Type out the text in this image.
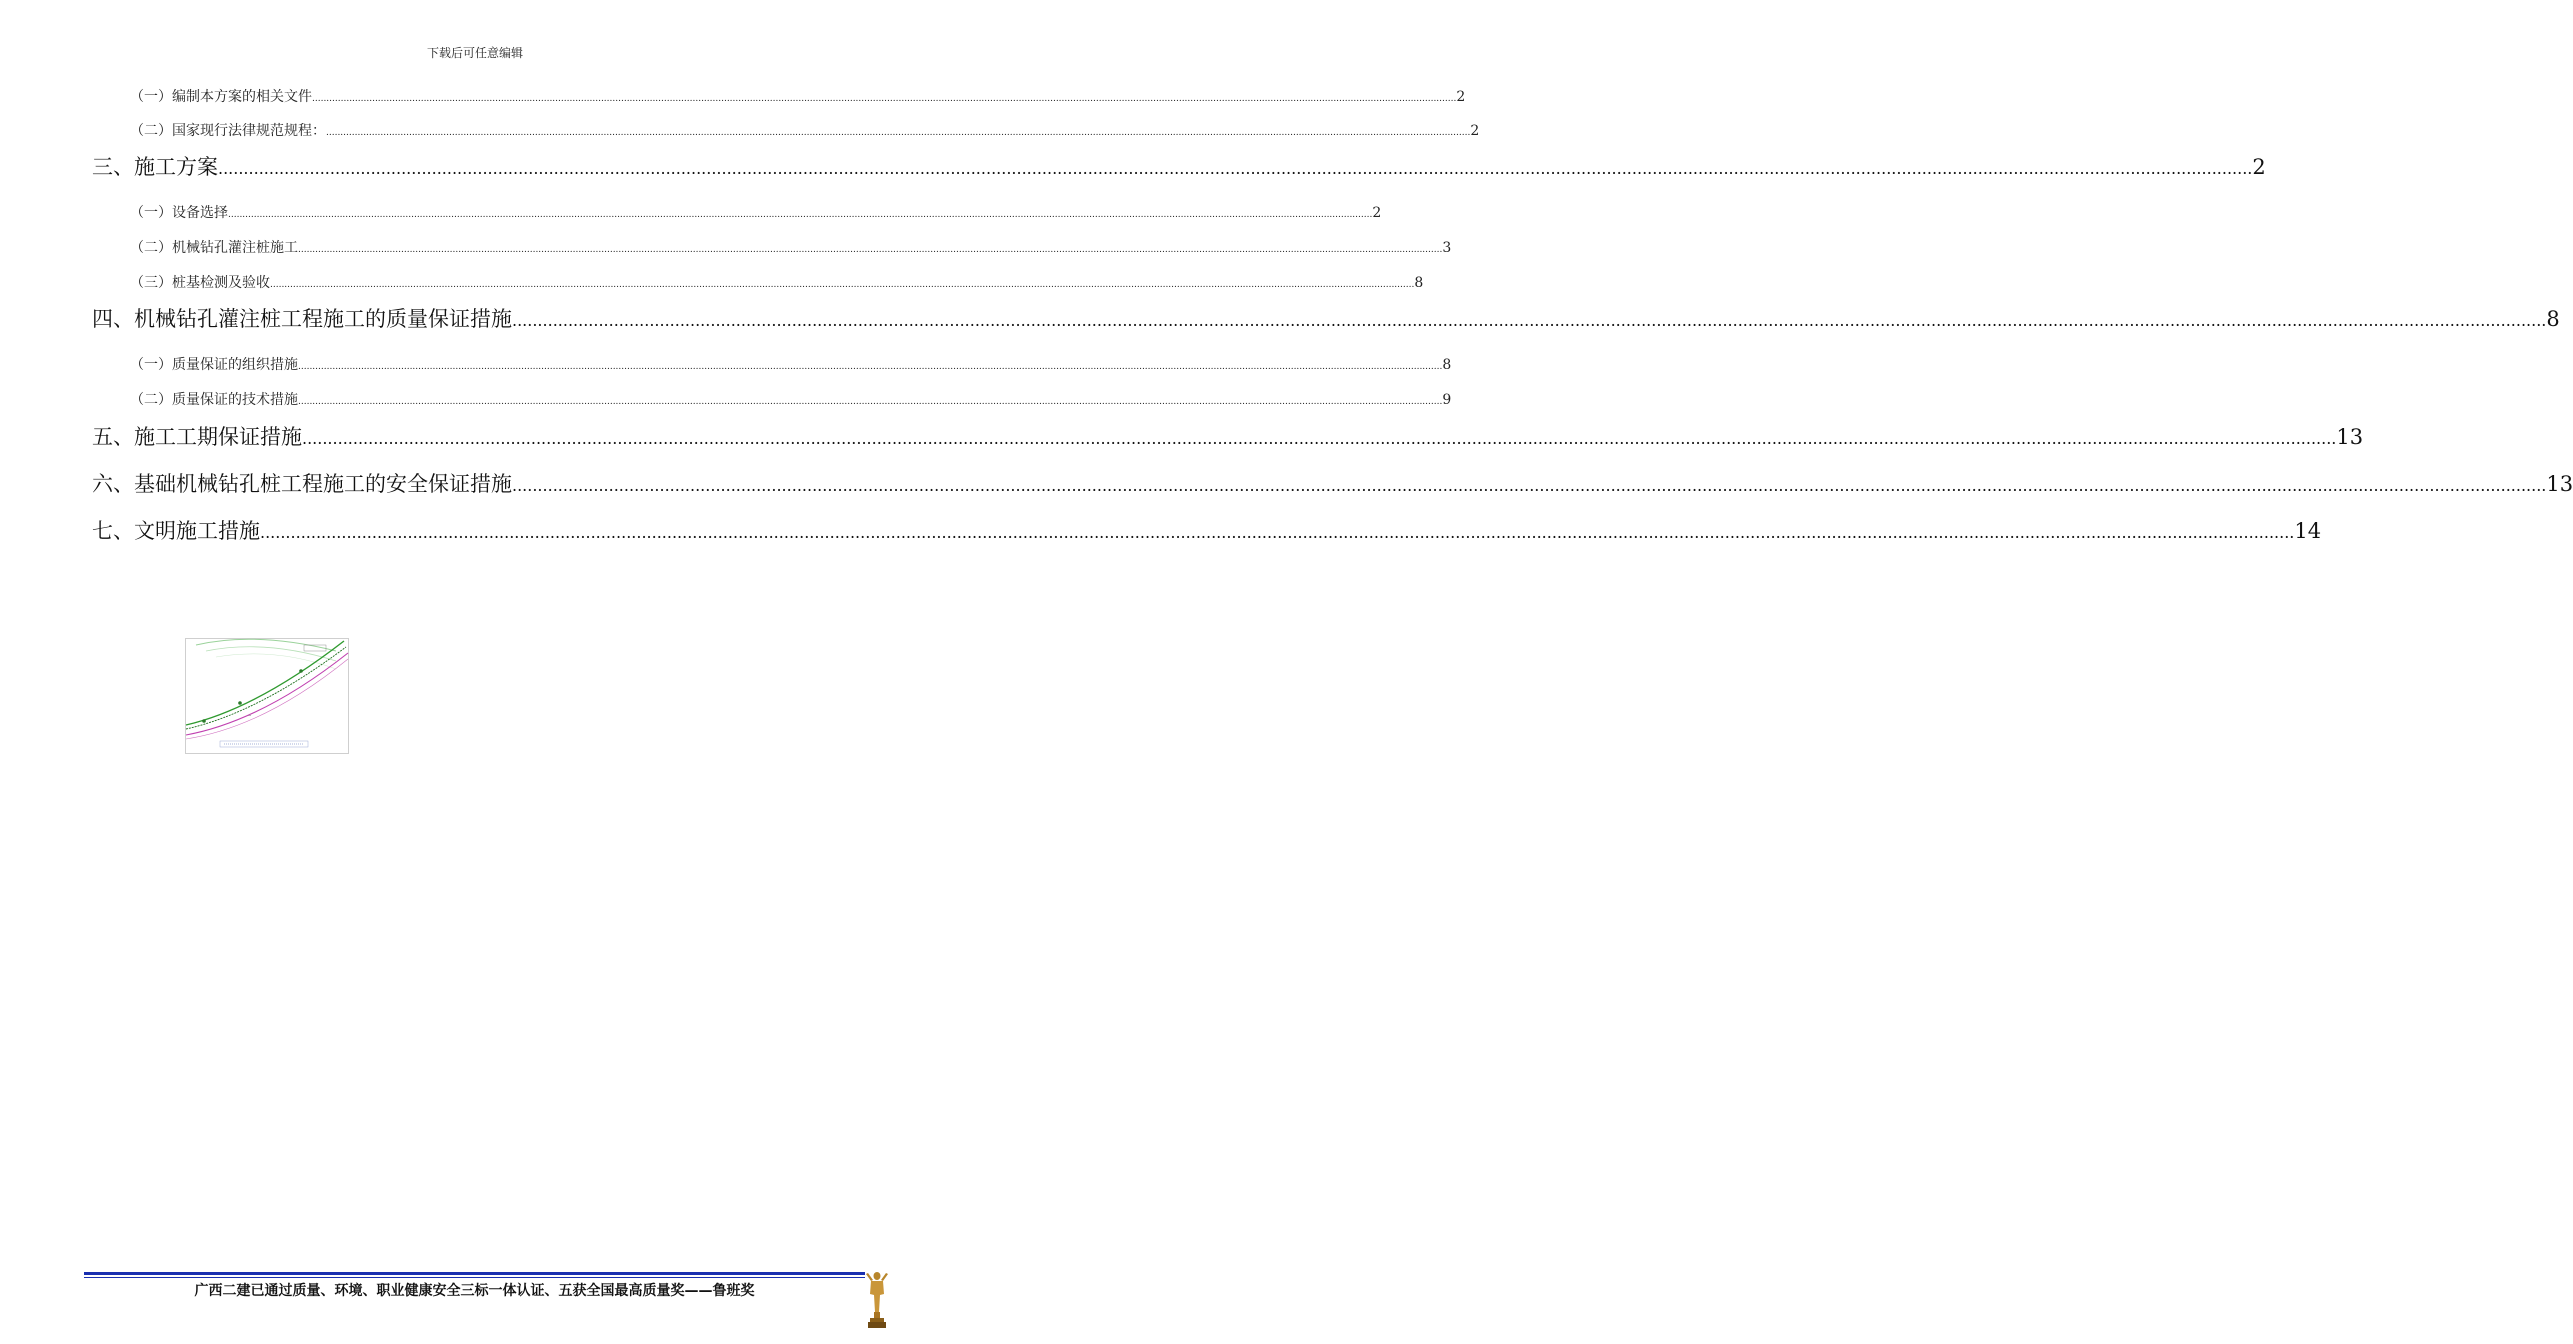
下载后可任意编辑
（一）编制本方案的相关文件 ................................................................................................................................................................................................................................................................................................................................................................................................................ 2
（二）国家现行法律规范规程： ................................................................................................................................................................................................................................................................................................................................................................................................................ 2
三、施工方案 ................................................................................................................................................................................................................................................................................................................................................................................................................ 2
（一）设备选择 ................................................................................................................................................................................................................................................................................................................................................................................................................ 2
（二）机械钻孔灌注桩施工 ................................................................................................................................................................................................................................................................................................................................................................................................................ 3
（三）桩基检测及验收 ................................................................................................................................................................................................................................................................................................................................................................................................................ 8
四、机械钻孔灌注桩工程施工的质量保证措施 ................................................................................................................................................................................................................................................................................................................................................................................................................ 8
（一）质量保证的组织措施 ................................................................................................................................................................................................................................................................................................................................................................................................................ 8
（二）质量保证的技术措施 ................................................................................................................................................................................................................................................................................................................................................................................................................ 9
五、施工工期保证措施 ................................................................................................................................................................................................................................................................................................................................................................................................................ 13
六、基础机械钻孔桩工程施工的安全保证措施 ................................................................................................................................................................................................................................................................................................................................................................................................................ 13
七、文明施工措施 ................................................................................................................................................................................................................................................................................................................................................................................................................ 14
~
广西二建已通过质量、环境、职业健康安全三标一体认证、五获全国最高质量奖——鲁班奖
